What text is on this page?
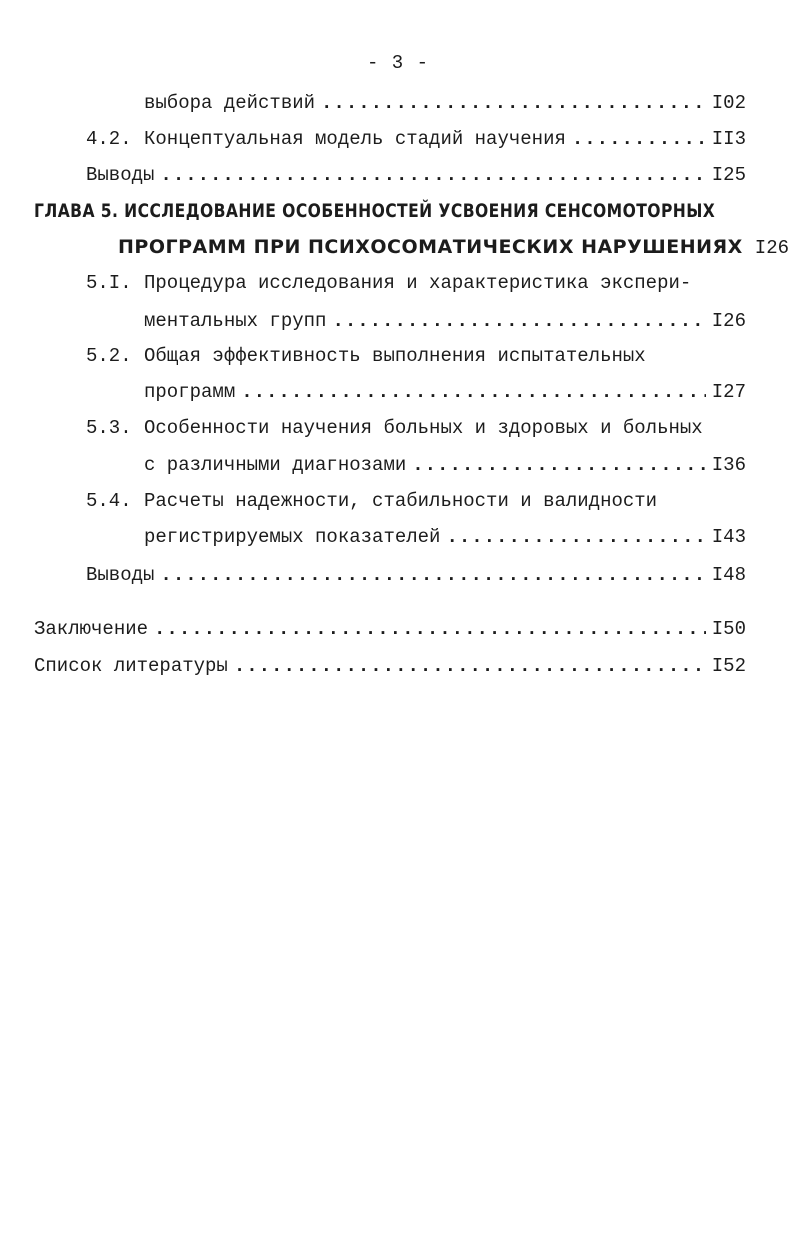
- 3 -
выбора действий .....	I02
4.2. Концептуальная модель стадий научения .....	II3
Выводы .....	I25
ГЛАВА 5. ИССЛЕДОВАНИЕ ОСОБЕННОСТЕЙ УСВОЕНИЯ СЕНСОМОТОРНЫХ
ПРОГРАММ ПРИ ПСИХОСОМАТИЧЕСКИХ НАРУШЕНИЯХ I26
5.I. Процедура исследования и характеристика экспери-
ментальных групп .....	I26
5.2. Общая эффективность выполнения испытательных
программ .....	I27
5.3. Особенности научения больных и здоровых и больных
с различными диагнозами .....	I36
5.4. Расчеты надежности, стабильности и валидности
регистрируемых показателей .....	I43
Выводы .....	I48
Заключение .....	I50
Список литературы .....	I52
